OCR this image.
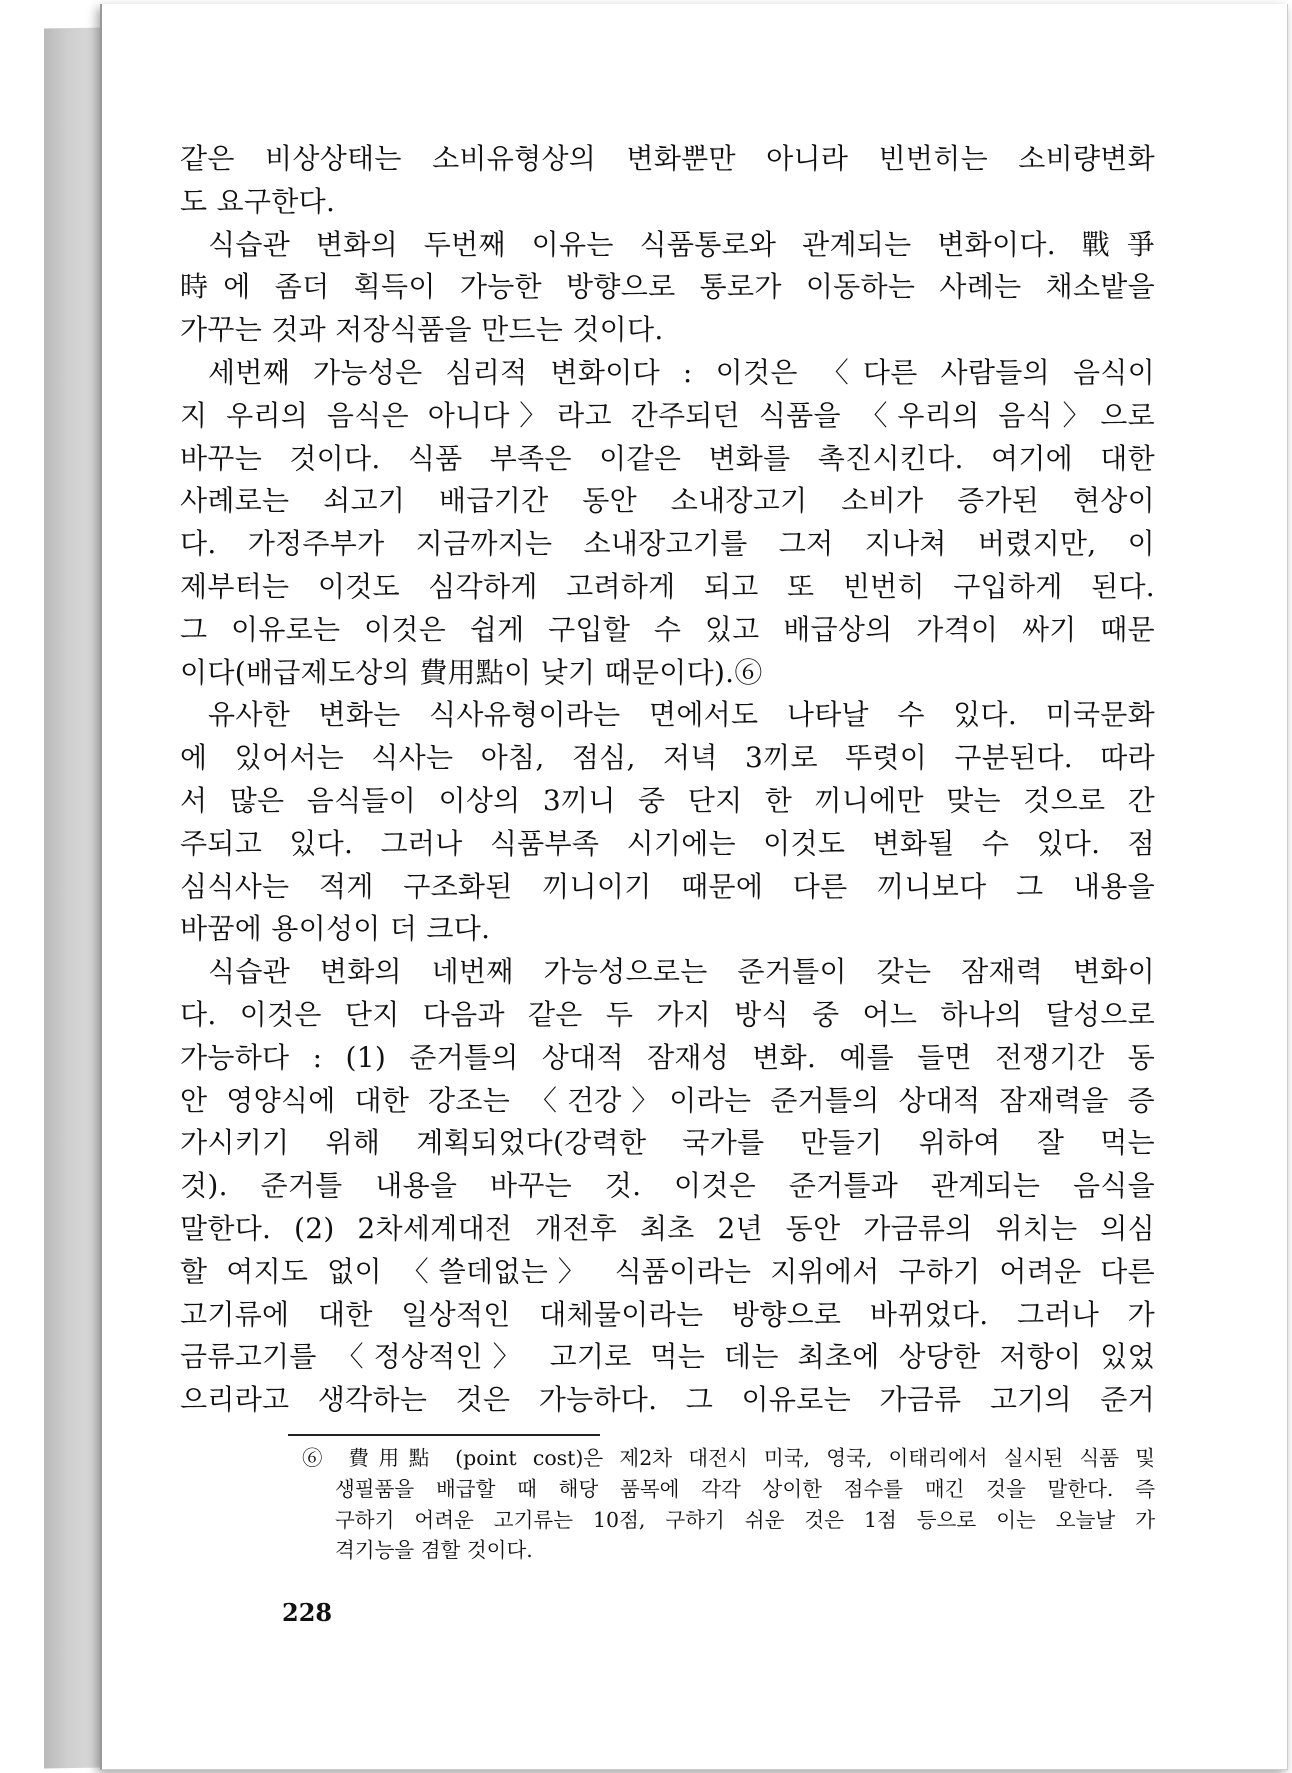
같은 비상상태는 소비유형상의 변화뿐만 아니라 빈번히는 소비량변화
도 요구한다.
식습관 변화의 두번째 이유는 식품통로와 관계되는 변화이다. 戰爭
時에 좀더 획득이 가능한 방향으로 통로가 이동하는 사례는 채소밭을
가꾸는 것과 저장식품을 만드는 것이다.
세번째 가능성은 심리적 변화이다 : 이것은 〈다른 사람들의 음식이
지 우리의 음식은 아니다〉라고 간주되던 식품을 〈우리의 음식〉으로
바꾸는 것이다. 식품 부족은 이같은 변화를 촉진시킨다. 여기에 대한
사례로는 쇠고기 배급기간 동안 소내장고기 소비가 증가된 현상이
다. 가정주부가 지금까지는 소내장고기를 그저 지나쳐 버렸지만, 이
제부터는 이것도 심각하게 고려하게 되고 또 빈번히 구입하게 된다.
그 이유로는 이것은 쉽게 구입할 수 있고 배급상의 가격이 싸기 때문
이다(배급제도상의 費用點이 낮기 때문이다).⑥
유사한 변화는 식사유형이라는 면에서도 나타날 수 있다. 미국문화
에 있어서는 식사는 아침, 점심, 저녁 3끼로 뚜렷이 구분된다. 따라
서 많은 음식들이 이상의 3끼니 중 단지 한 끼니에만 맞는 것으로 간
주되고 있다. 그러나 식품부족 시기에는 이것도 변화될 수 있다. 점
심식사는 적게 구조화된 끼니이기 때문에 다른 끼니보다 그 내용을
바꿈에 용이성이 더 크다.
식습관 변화의 네번째 가능성으로는 준거틀이 갖는 잠재력 변화이
다. 이것은 단지 다음과 같은 두 가지 방식 중 어느 하나의 달성으로
가능하다 : (1) 준거틀의 상대적 잠재성 변화. 예를 들면 전쟁기간 동
안 영양식에 대한 강조는 〈건강〉이라는 준거틀의 상대적 잠재력을 증
가시키기 위해 계획되었다(강력한 국가를 만들기 위하여 잘 먹는
것). 준거틀 내용을 바꾸는 것. 이것은 준거틀과 관계되는 음식을
말한다. (2) 2차세계대전 개전후 최초 2년 동안 가금류의 위치는 의심
할 여지도 없이 〈쓸데없는〉 식품이라는 지위에서 구하기 어려운 다른
고기류에 대한 일상적인 대체물이라는 방향으로 바뀌었다. 그러나 가
금류고기를 〈정상적인〉 고기로 먹는 데는 최초에 상당한 저항이 있었
으리라고 생각하는 것은 가능하다. 그 이유로는 가금류 고기의 준거
⑥ 費用點 (point cost)은 제2차 대전시 미국, 영국, 이태리에서 실시된 식품 및
생필품을 배급할 때 해당 품목에 각각 상이한 점수를 매긴 것을 말한다. 즉
구하기 어려운 고기류는 10점, 구하기 쉬운 것은 1점 등으로 이는 오늘날 가
격기능을 겸할 것이다.
228
